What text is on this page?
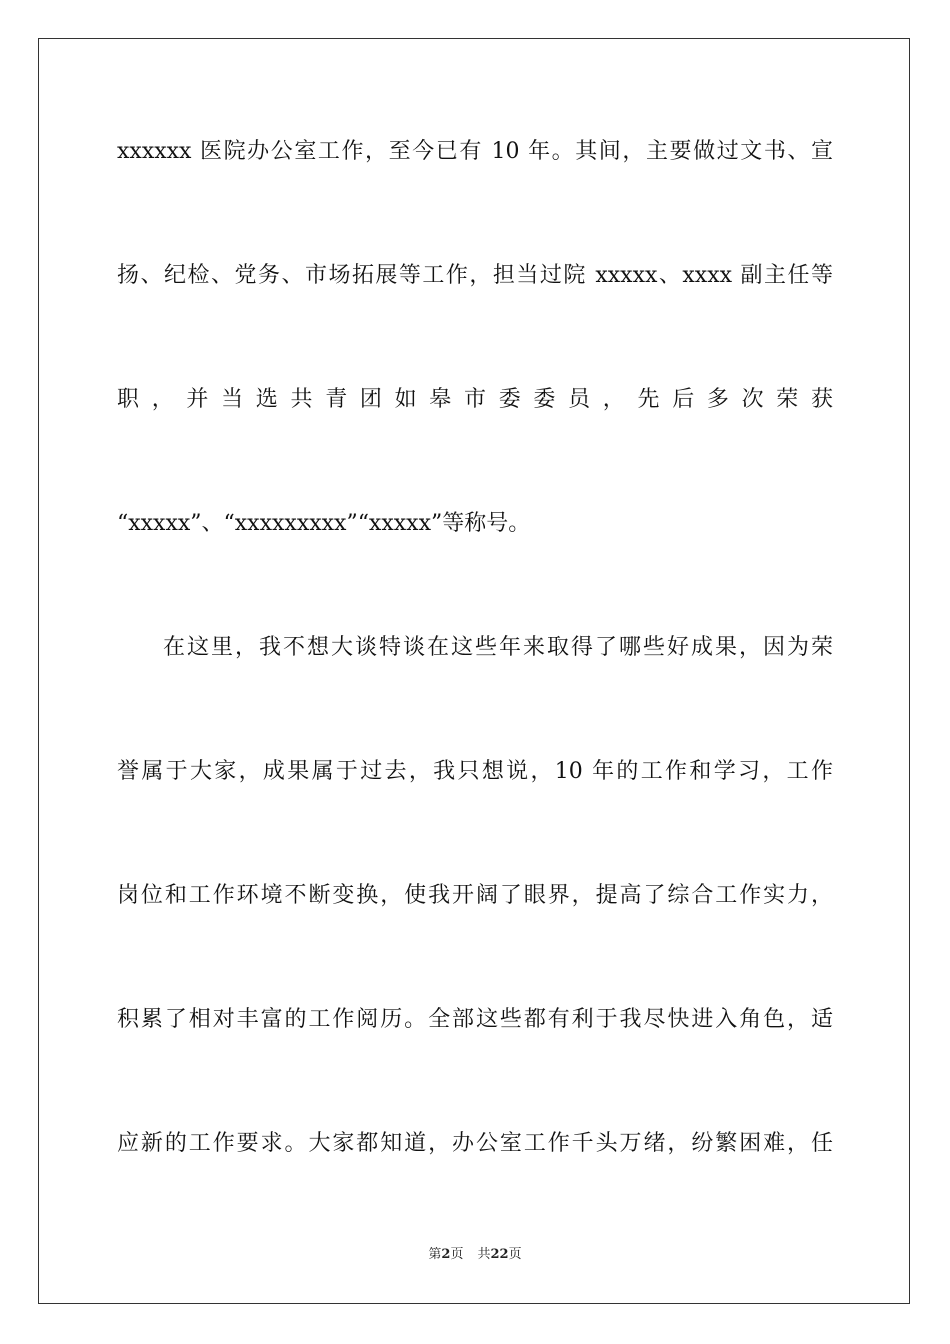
xxxxxx 医院办公室工作，至今已有 10 年。其间，主要做过文书、宣
扬、纪检、党务、市场拓展等工作，担当过院 xxxxx、xxxx 副主任等
职，并当选共青团如皋市委委员，先后多次荣获
“xxxxx”、“xxxxxxxxx”“xxxxx”等称号。
在这里，我不想大谈特谈在这些年来取得了哪些好成果，因为荣
誉属于大家，成果属于过去，我只想说，10 年的工作和学习，工作
岗位和工作环境不断变换，使我开阔了眼界，提高了综合工作实力，
积累了相对丰富的工作阅历。全部这些都有利于我尽快进入角色，适
应新的工作要求。大家都知道，办公室工作千头万绪，纷繁困难，任
第2页 共22页
